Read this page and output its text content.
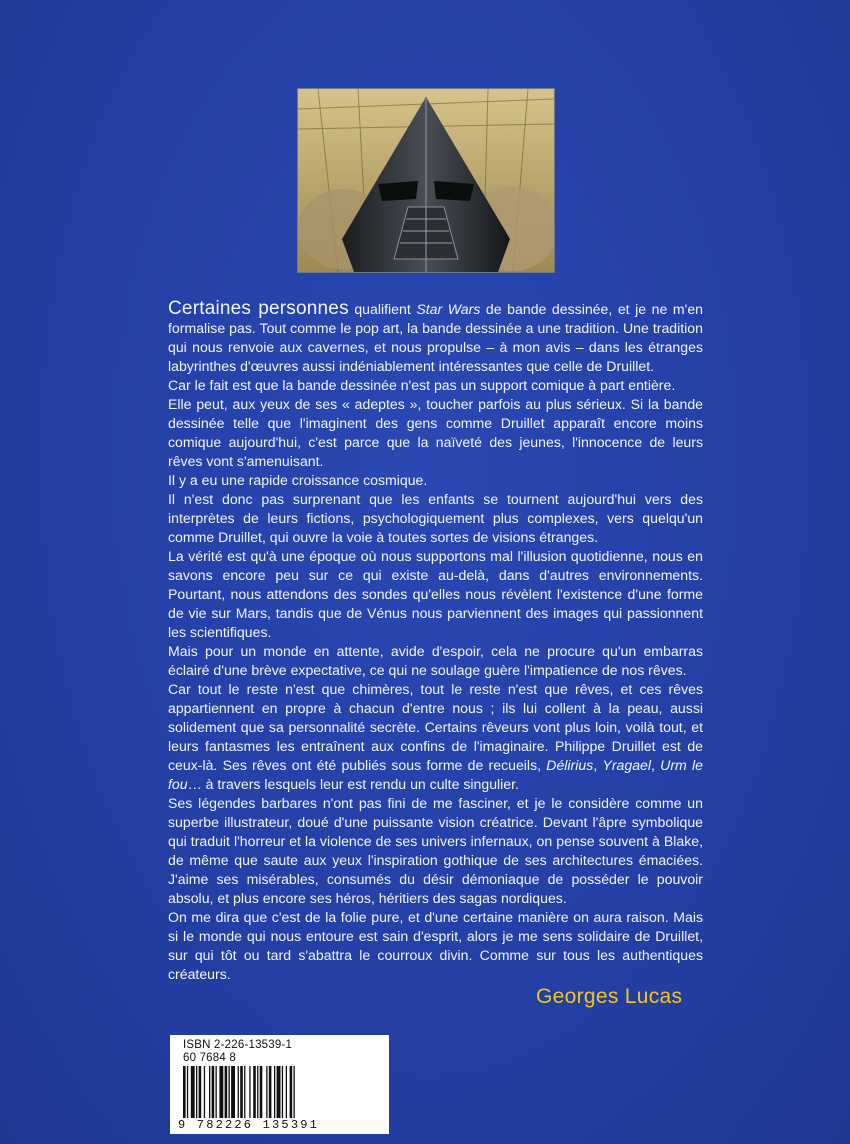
Certaines personnes qualifient Star Wars de bande dessinée, et je ne m'en formalise pas. Tout comme le pop art, la bande dessinée a une tradition. Une tradition qui nous renvoie aux cavernes, et nous propulse – à mon avis – dans les étranges labyrinthes d'œuvres aussi indéniablement intéressantes que celle de Druillet.

Car le fait est que la bande dessinée n'est pas un support comique à part entière.

Elle peut, aux yeux de ses « adeptes », toucher parfois au plus sérieux. Si la bande dessinée telle que l'imaginent des gens comme Druillet apparaît encore moins comique aujourd'hui, c'est parce que la naïveté des jeunes, l'innocence de leurs rêves vont s'amenuisant.

Il y a eu une rapide croissance cosmique.

Il n'est donc pas surprenant que les enfants se tournent aujourd'hui vers des interprètes de leurs fictions, psychologiquement plus complexes, vers quelqu'un comme Druillet, qui ouvre la voie à toutes sortes de visions étranges.

La vérité est qu'à une époque où nous supportons mal l'illusion quotidienne, nous en savons encore peu sur ce qui existe au-delà, dans d'autres environnements. Pourtant, nous attendons des sondes qu'elles nous révèlent l'existence d'une forme de vie sur Mars, tandis que de Vénus nous parviennent des images qui passionnent les scientifiques.

Mais pour un monde en attente, avide d'espoir, cela ne procure qu'un embarras éclairé d'une brève expectative, ce qui ne soulage guère l'impatience de nos rêves.

Car tout le reste n'est que chimères, tout le reste n'est que rêves, et ces rêves appartiennent en propre à chacun d'entre nous ; ils lui collent à la peau, aussi solidement que sa personnalité secrète. Certains rêveurs vont plus loin, voilà tout, et leurs fantasmes les entraînent aux confins de l'imaginaire. Philippe Druillet est de ceux-là. Ses rêves ont été publiés sous forme de recueils, Délirius, Yragael, Urm le fou… à travers lesquels leur est rendu un culte singulier.

Ses légendes barbares n'ont pas fini de me fasciner, et je le considère comme un superbe illustrateur, doué d'une puissante vision créatrice. Devant l'âpre symbolique qui traduit l'horreur et la violence de ses univers infernaux, on pense souvent à Blake, de même que saute aux yeux l'inspiration gothique de ses architectures émaciées. J'aime ses misérables, consumés du désir démoniaque de posséder le pouvoir absolu, et plus encore ses héros, héritiers des sagas nordiques.

On me dira que c'est de la folie pure, et d'une certaine manière on aura raison. Mais si le monde qui nous entoure est sain d'esprit, alors je me sens solidaire de Druillet, sur qui tôt ou tard s'abattra le courroux divin. Comme sur tous les authentiques créateurs.

Georges Lucas
ISBN 2-226-13539-1
60 7684 8
9 782226 135391
